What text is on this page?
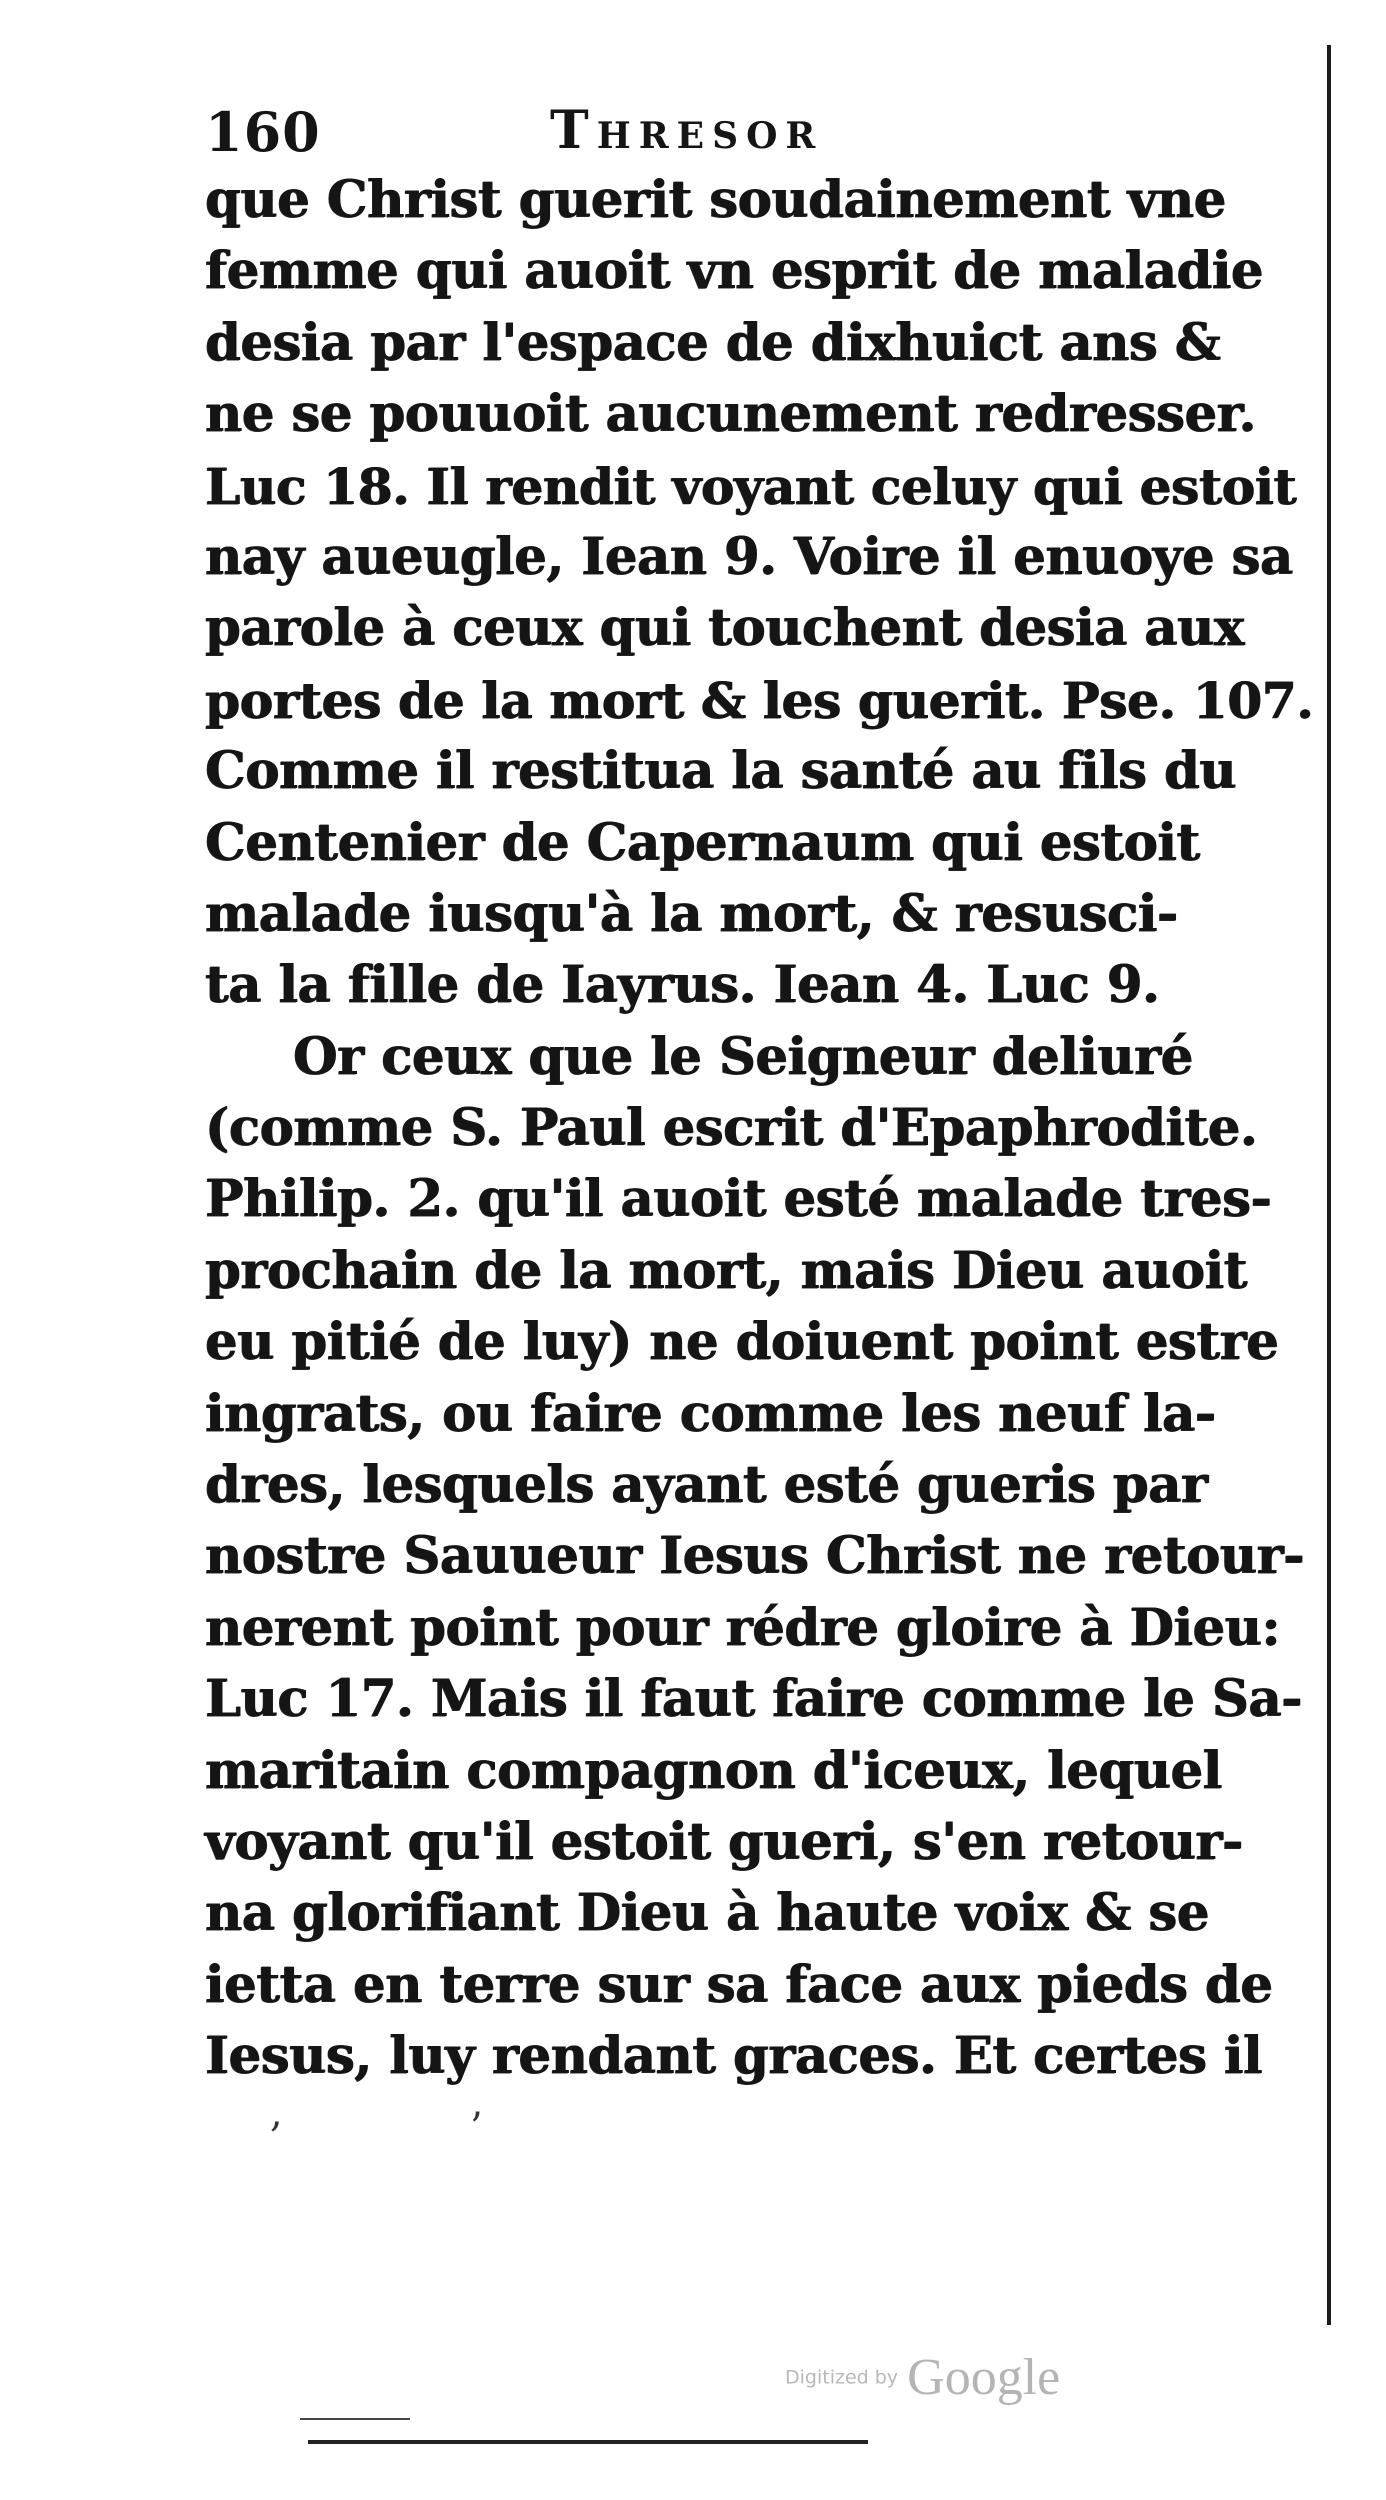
160	Thresor
que Christ guerit soudainement vne
femme qui auoit vn esprit de maladie
desia par l'espace de dixhuict ans &
ne se pouuoit aucunement redresser.
Luc 18. Il rendit voyant celuy qui estoit
nay aueugle, Iean 9. Voire il enuoye sa
parole à ceux qui touchent desia aux
portes de la mort & les guerit. Pse. 107.
Comme il restitua la santé au fils du
Centenier de Capernaum qui estoit
malade iusqu'à la mort, & resusci-
ta la fille de Iayrus. Iean 4. Luc 9.
Or ceux que le Seigneur deliuré
(comme S. Paul escrit d'Epaphrodite.
Philip. 2. qu'il auoit esté malade tres-
prochain de la mort, mais Dieu auoit
eu pitié de luy) ne doiuent point estre
ingrats, ou faire comme les neuf la-
dres, lesquels ayant esté gueris par
nostre Sauueur Iesus Christ ne retour-
nerent point pour rédre gloire à Dieu:
Luc 17. Mais il faut faire comme le Sa-
maritain compagnon d'iceux, lequel
voyant qu'il estoit gueri, s'en retour-
na glorifiant Dieu à haute voix & se
ietta en terre sur sa face aux pieds de
Iesus, luy rendant graces. Et certes il
’
,
Digitized by Google
